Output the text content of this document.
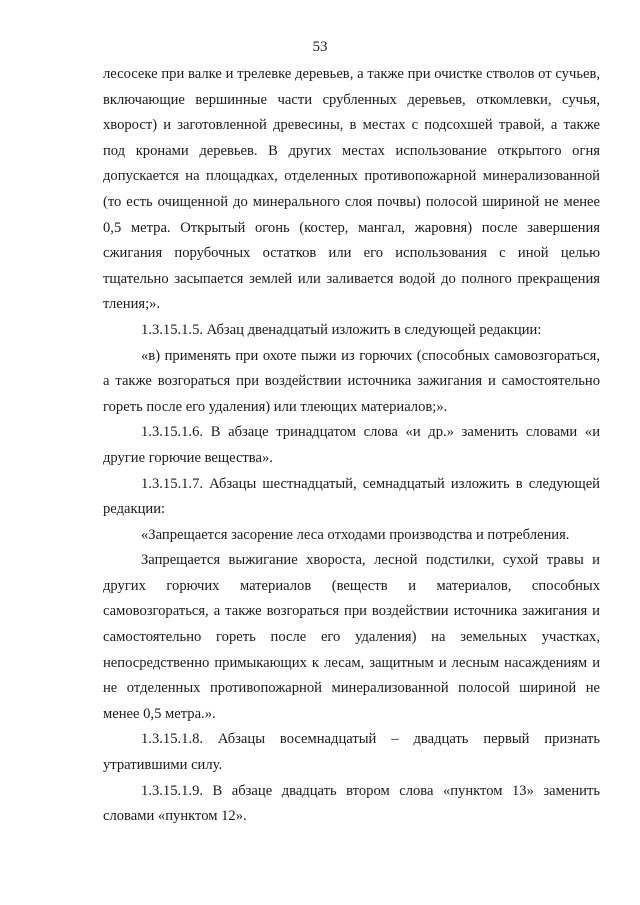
53

лесосеке при валке и трелевке деревьев, а также при очистке стволов от сучьев, включающие вершинные части срубленных деревьев, откомлевки, сучья, хворост) и заготовленной древесины, в местах с подсохшей травой, а также под кронами деревьев. В других местах использование открытого огня допускается на площадках, отделенных противопожарной минерализованной (то есть очищенной до минерального слоя почвы) полосой шириной не менее 0,5 метра. Открытый огонь (костер, мангал, жаровня) после завершения сжигания порубочных остатков или его использования с иной целью тщательно засыпается землей или заливается водой до полного прекращения тления;».

1.3.15.1.5. Абзац двенадцатый изложить в следующей редакции:

«в) применять при охоте пыжи из горючих (способных самовозгораться, а также возгораться при воздействии источника зажигания и самостоятельно гореть после его удаления) или тлеющих материалов;».

1.3.15.1.6. В абзаце тринадцатом слова «и др.» заменить словами «и другие горючие вещества».

1.3.15.1.7. Абзацы шестнадцатый, семнадцатый изложить в следующей редакции:

«Запрещается засорение леса отходами производства и потребления.

Запрещается выжигание хвороста, лесной подстилки, сухой травы и других горючих материалов (веществ и материалов, способных самовозгораться, а также возгораться при воздействии источника зажигания и самостоятельно гореть после его удаления) на земельных участках, непосредственно примыкающих к лесам, защитным и лесным насаждениям и не отделенных противопожарной минерализованной полосой шириной не менее 0,5 метра.».

1.3.15.1.8. Абзацы восемнадцатый – двадцать первый признать утратившими силу.

1.3.15.1.9. В абзаце двадцать втором слова «пунктом 13» заменить словами «пунктом 12».
